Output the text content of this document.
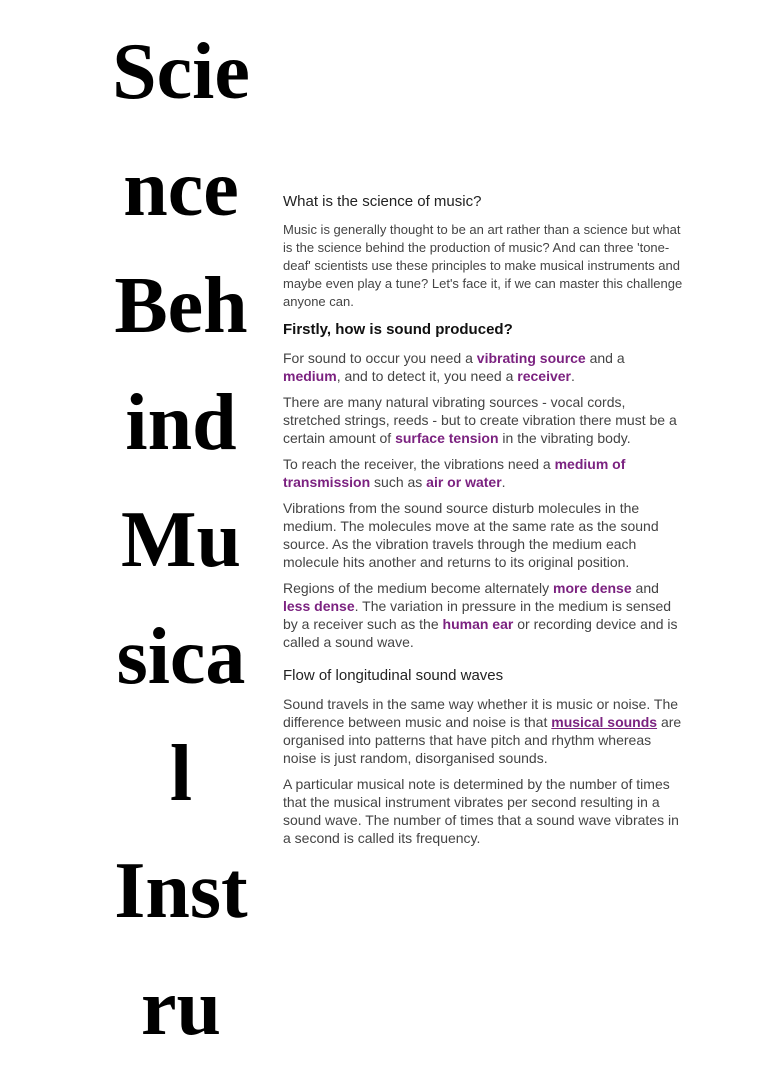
Scie
nce
Beh
ind
Mu
sica
l
Inst
ru
What is the science of music?

Music is generally thought to be an art rather than a science but what is the science behind the production of music? And can three 'tone-deaf' scientists use these principles to make musical instruments and maybe even play a tune? Let's face it, if we can master this challenge anyone can.

Firstly, how is sound produced?

For sound to occur you need a vibrating source and a medium, and to detect it, you need a receiver.

There are many natural vibrating sources - vocal cords, stretched strings, reeds - but to create vibration there must be a certain amount of surface tension in the vibrating body.

To reach the receiver, the vibrations need a medium of transmission such as air or water.

Vibrations from the sound source disturb molecules in the medium. The molecules move at the same rate as the sound source. As the vibration travels through the medium each molecule hits another and returns to its original position.

Regions of the medium become alternately more dense and less dense. The variation in pressure in the medium is sensed by a receiver such as the human ear or recording device and is called a sound wave.

Flow of longitudinal sound waves

Sound travels in the same way whether it is music or noise. The difference between music and noise is that musical sounds are organised into patterns that have pitch and rhythm whereas noise is just random, disorganised sounds.

A particular musical note is determined by the number of times that the musical instrument vibrates per second resulting in a sound wave. The number of times that a sound wave vibrates in a second is called its frequency.
